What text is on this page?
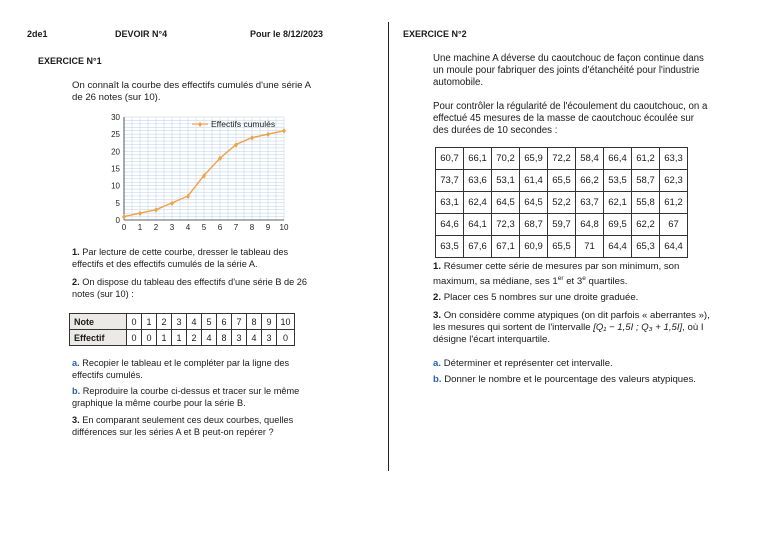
2de1	DEVOIR N°4	Pour le 8/12/2023
EXERCICE N°1
On connaît la courbe des effectifs cumulés d'une série A de 26 notes (sur 10).
0 1 2 3 4 5 6 7 8 9 10
0
5
10
15
20
25
30
♦ ♦ ♦
♦
♦
♦
♦
♦
♦ ♦ ♦
♦ Effectifs cumulés
1. Par lecture de cette courbe, dresser le tableau des effectifs et des effectifs cumulés de la série A.
2. On dispose du tableau des effectifs d'une série B de 26 notes (sur 10) :
Note	0	1	2	3	4	5	6	7	8	9	10
Effectif	0	0	1	1	2	4	8	3	4	3	0
a. Recopier le tableau et le compléter par la ligne des effectifs cumulés.
b. Reproduire la courbe ci-dessus et tracer sur le même graphique la même courbe pour la série B.
3. En comparant seulement ces deux courbes, quelles différences sur les séries A et B peut-on repérer ?
EXERCICE N°2
Une machine A déverse du caoutchouc de façon continue dans un moule pour fabriquer des joints d'étanchéité pour l'industrie automobile.
Pour contrôler la régularité de l'écoulement du caoutchouc, on a effectué 45 mesures de la masse de caoutchouc écoulée sur des durées de 10 secondes :
60,7	66,1	70,2	65,9	72,2	58,4	66,4	61,2	63,3
73,7	63,6	53,1	61,4	65,5	66,2	53,5	58,7	62,3
63,1	62,4	64,5	64,5	52,2	63,7	62,1	55,8	61,2
64,6	64,1	72,3	68,7	59,7	64,8	69,5	62,2	67
63,5	67,6	67,1	60,9	65,5	71	64,4	65,3	64,4
1. Résumer cette série de mesures par son minimum, son maximum, sa médiane, ses 1er et 3e quartiles.
2. Placer ces 5 nombres sur une droite graduée.
3. On considère comme atypiques (on dit parfois « aberrantes »), les mesures qui sortent de l'intervalle [Q₁ − 1,5I ; Q₃ + 1,5I], où I désigne l'écart interquartile.
a. Déterminer et représenter cet intervalle.
b. Donner le nombre et le pourcentage des valeurs atypiques.
